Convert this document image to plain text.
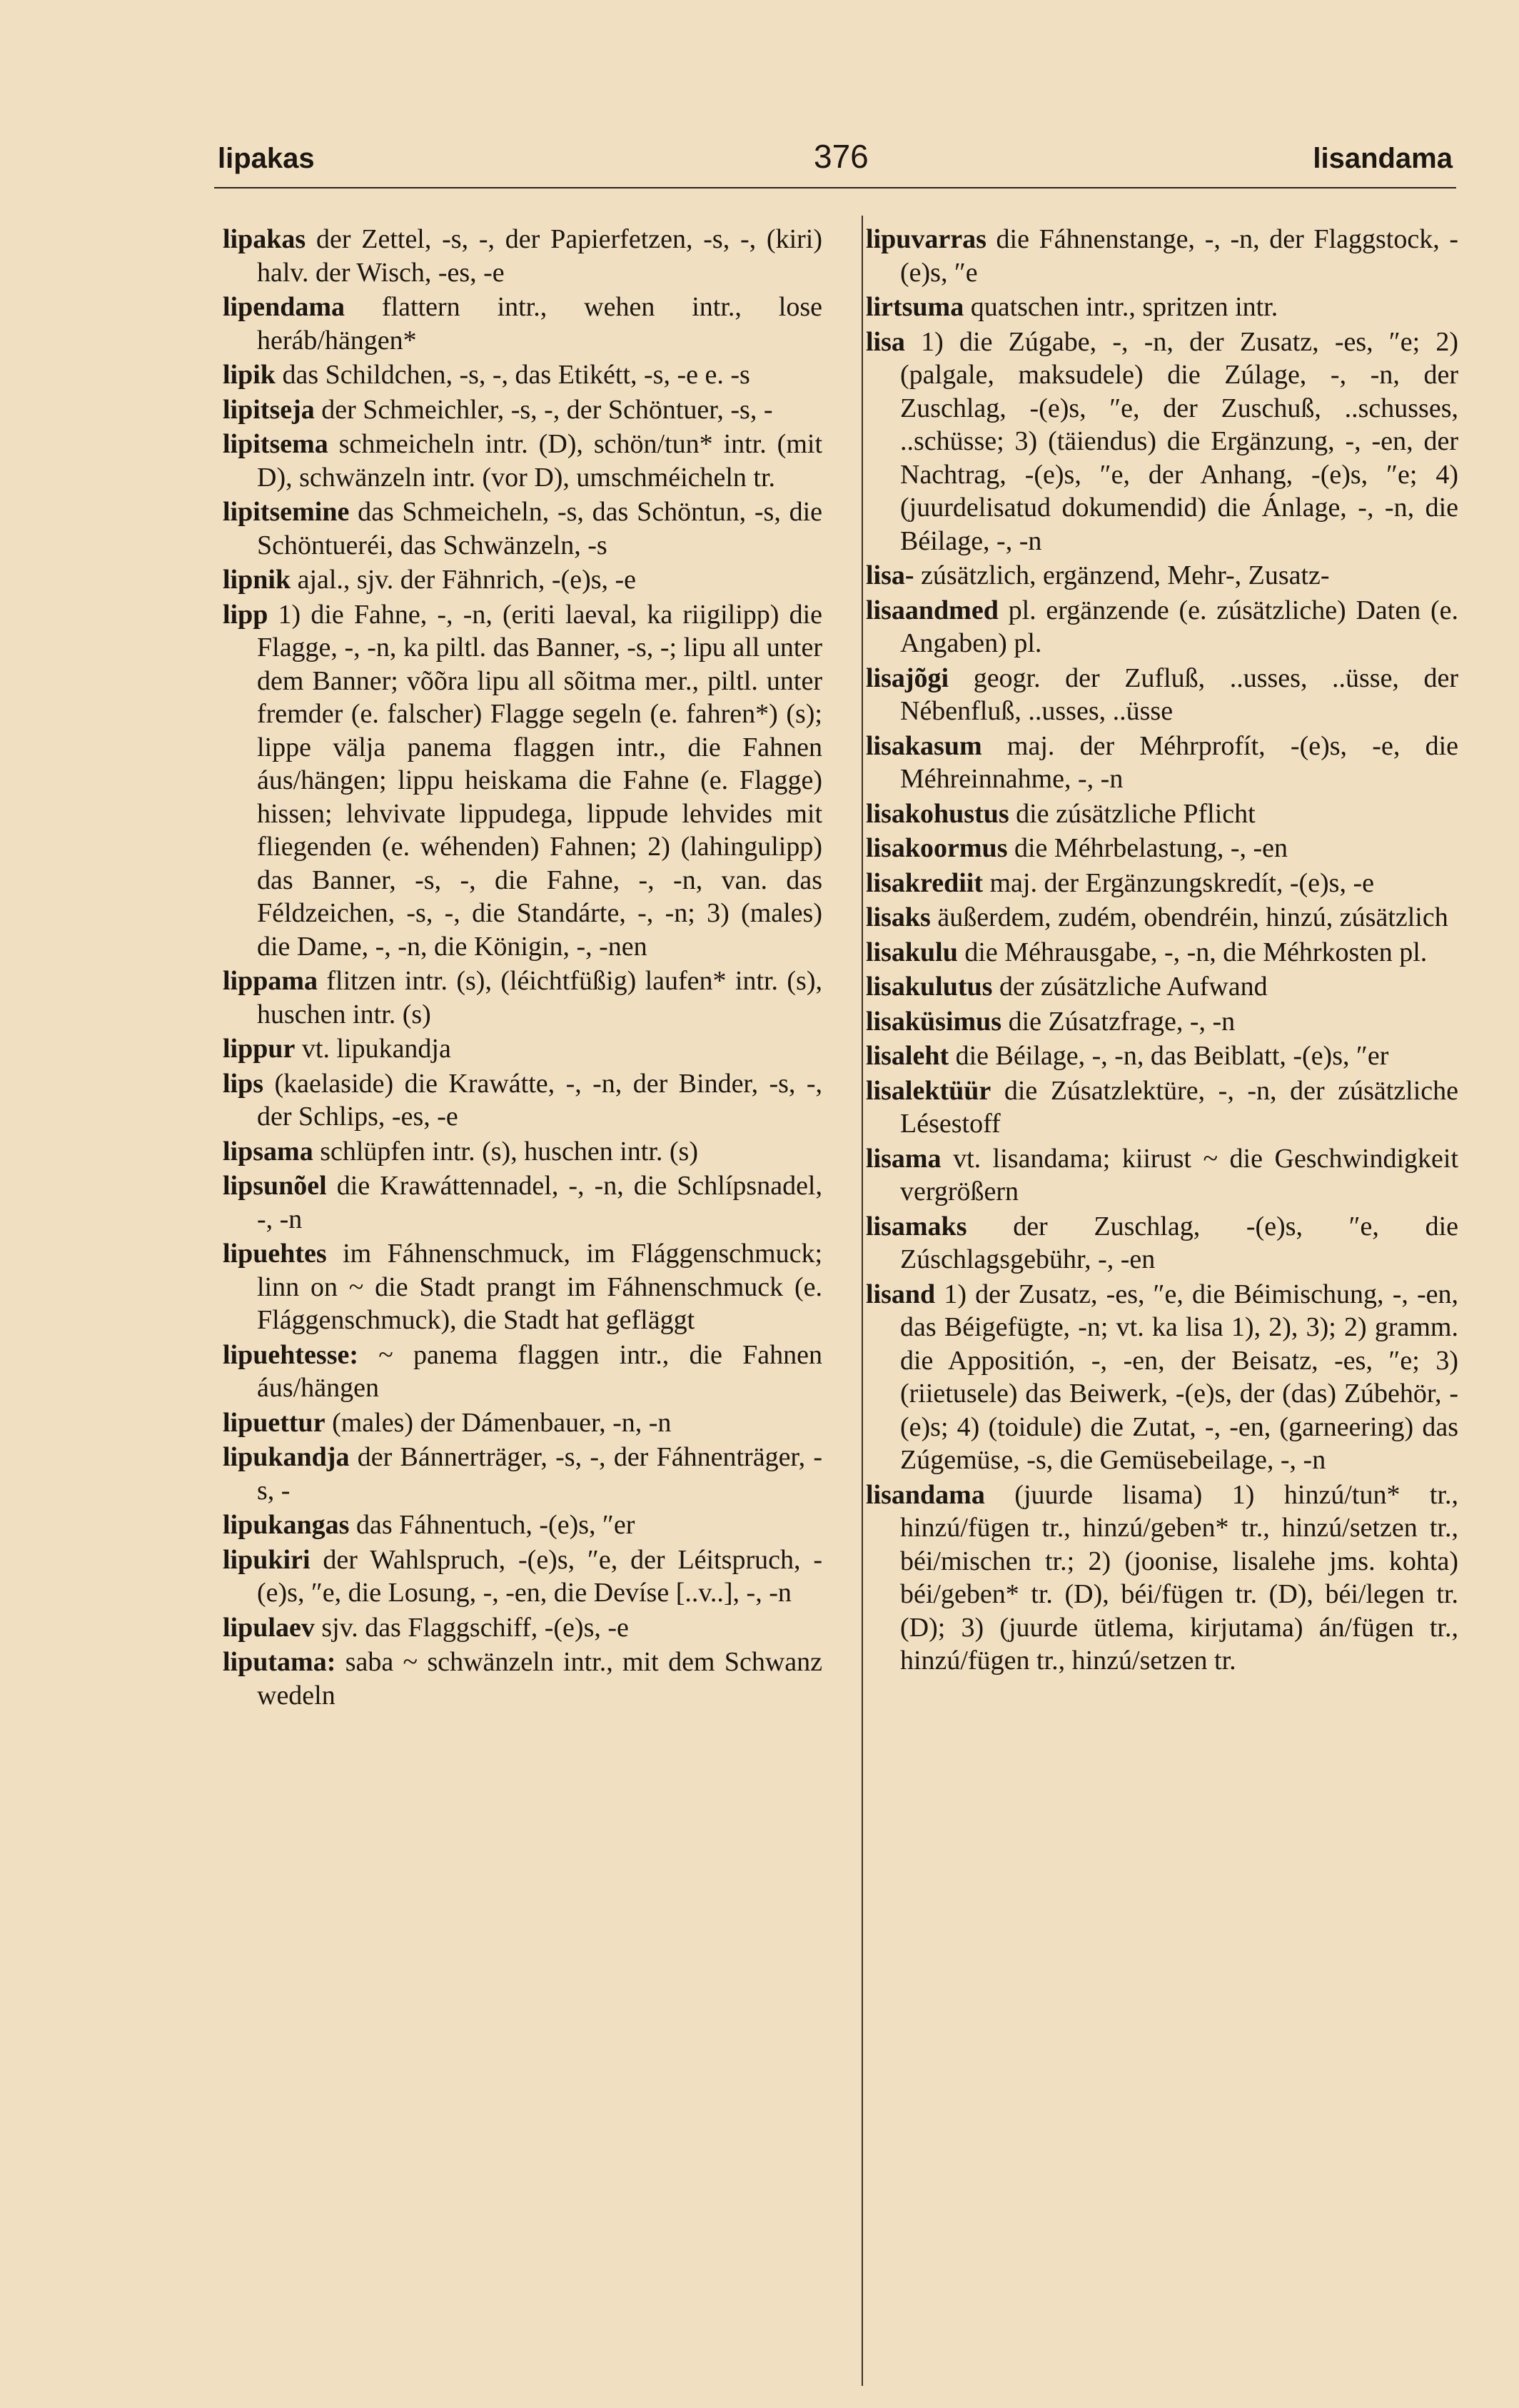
lipakas	376	lisandama
lipakas der Zettel, -s, -, der Papierfetzen, -s, -, (kiri) halv. der Wisch, -es, -e
lipendama flattern intr., wehen intr., lose heráb/hängen*
lipik das Schildchen, -s, -, das Etikétt, -s, -e e. -s
lipitseja der Schmeichler, -s, -, der Schöntuer, -s, -
lipitsema schmeicheln intr. (D), schön/tun* intr. (mit D), schwänzeln intr. (vor D), umschméicheln tr.
lipitsemine das Schmeicheln, -s, das Schöntun, -s, die Schöntueréi, das Schwänzeln, -s
lipnik ajal., sjv. der Fähnrich, -(e)s, -e
lipp 1) die Fahne, -, -n, (eriti laeval, ka riigilipp) die Flagge, -, -n, ka piltl. das Banner, -s, -; lipu all unter dem Banner; võõra lipu all sõitma mer., piltl. unter fremder (e. falscher) Flagge segeln (e. fahren*) (s); lippe välja panema flaggen intr., die Fahnen áus/hängen; lippu heiskama die Fahne (e. Flagge) hissen; lehvivate lippudega, lippude lehvides mit fliegenden (e. wéhenden) Fahnen; 2) (lahingulipp) das Banner, -s, -, die Fahne, -, -n, van. das Féldzeichen, -s, -, die Standárte, -, -n; 3) (males) die Dame, -, -n, die Königin, -, -nen
lippama flitzen intr. (s), (léichtfüßig) laufen* intr. (s), huschen intr. (s)
lippur vt. lipukandja
lips (kaelaside) die Krawátte, -, -n, der Binder, -s, -, der Schlips, -es, -e
lipsama schlüpfen intr. (s), huschen intr. (s)
lipsunõel die Krawáttennadel, -, -n, die Schlípsnadel, -, -n
lipuehtes im Fáhnenschmuck, im Flággenschmuck; linn on ~ die Stadt prangt im Fáhnenschmuck (e. Flággenschmuck), die Stadt hat gefläggt
lipuehtesse: ~ panema flaggen intr., die Fahnen áus/hängen
lipuettur (males) der Dámenbauer, -n, -n
lipukandja der Bánnerträger, -s, -, der Fáhnenträger, -s, -
lipukangas das Fáhnentuch, -(e)s, ″er
lipukiri der Wahlspruch, -(e)s, ″e, der Léitspruch, -(e)s, ″e, die Losung, -, -en, die Devíse [..v..], -, -n
lipulaev sjv. das Flaggschiff, -(e)s, -e
liputama: saba ~ schwänzeln intr., mit dem Schwanz wedeln
lipuvarras die Fáhnenstange, -, -n, der Flaggstock, -(e)s, ″e
lirtsuma quatschen intr., spritzen intr.
lisa 1) die Zúgabe, -, -n, der Zusatz, -es, ″e; 2) (palgale, maksudele) die Zúlage, -, -n, der Zuschlag, -(e)s, ″e, der Zuschuß, ..schusses, ..schüsse; 3) (täiendus) die Ergänzung, -, -en, der Nachtrag, -(e)s, ″e, der Anhang, -(e)s, ″e; 4) (juurdelisatud dokumendid) die Ánlage, -, -n, die Béilage, -, -n
lisa- zúsätzlich, ergänzend, Mehr-, Zusatz-
lisaandmed pl. ergänzende (e. zúsätzliche) Daten (e. Angaben) pl.
lisajõgi geogr. der Zufluß, ..usses, ..üsse, der Nébenfluß, ..usses, ..üsse
lisakasum maj. der Méhrprofít, -(e)s, -e, die Méhreinnahme, -, -n
lisakohustus die zúsätzliche Pflicht
lisakoormus die Méhrbelastung, -, -en
lisakrediit maj. der Ergänzungskredít, -(e)s, -e
lisaks äußerdem, zudém, obendréin, hinzú, zúsätzlich
lisakulu die Méhrausgabe, -, -n, die Méhrkosten pl.
lisakulutus der zúsätzliche Aufwand
lisaküsimus die Zúsatzfrage, -, -n
lisaleht die Béilage, -, -n, das Beiblatt, -(e)s, ″er
lisalektüür die Zúsatzlektüre, -, -n, der zúsätzliche Lésestoff
lisama vt. lisandama; kiirust ~ die Geschwindigkeit vergrößern
lisamaks der Zuschlag, -(e)s, ″e, die Zúschlagsgebühr, -, -en
lisand 1) der Zusatz, -es, ″e, die Béimischung, -, -en, das Béigefügte, -n; vt. ka lisa 1), 2), 3); 2) gramm. die Appositión, -, -en, der Beisatz, -es, ″e; 3) (riietusele) das Beiwerk, -(e)s, der (das) Zúbehör, -(e)s; 4) (toidule) die Zutat, -, -en, (garneering) das Zúgemüse, -s, die Gemüsebeilage, -, -n
lisandama (juurde lisama) 1) hinzú/tun* tr., hinzú/fügen tr., hinzú/geben* tr., hinzú/setzen tr., béi/mischen tr.; 2) (joonise, lisalehe jms. kohta) béi/geben* tr. (D), béi/fügen tr. (D), béi/legen tr. (D); 3) (juurde ütlema, kirjutama) án/fügen tr., hinzú/fügen tr., hinzú/setzen tr.
